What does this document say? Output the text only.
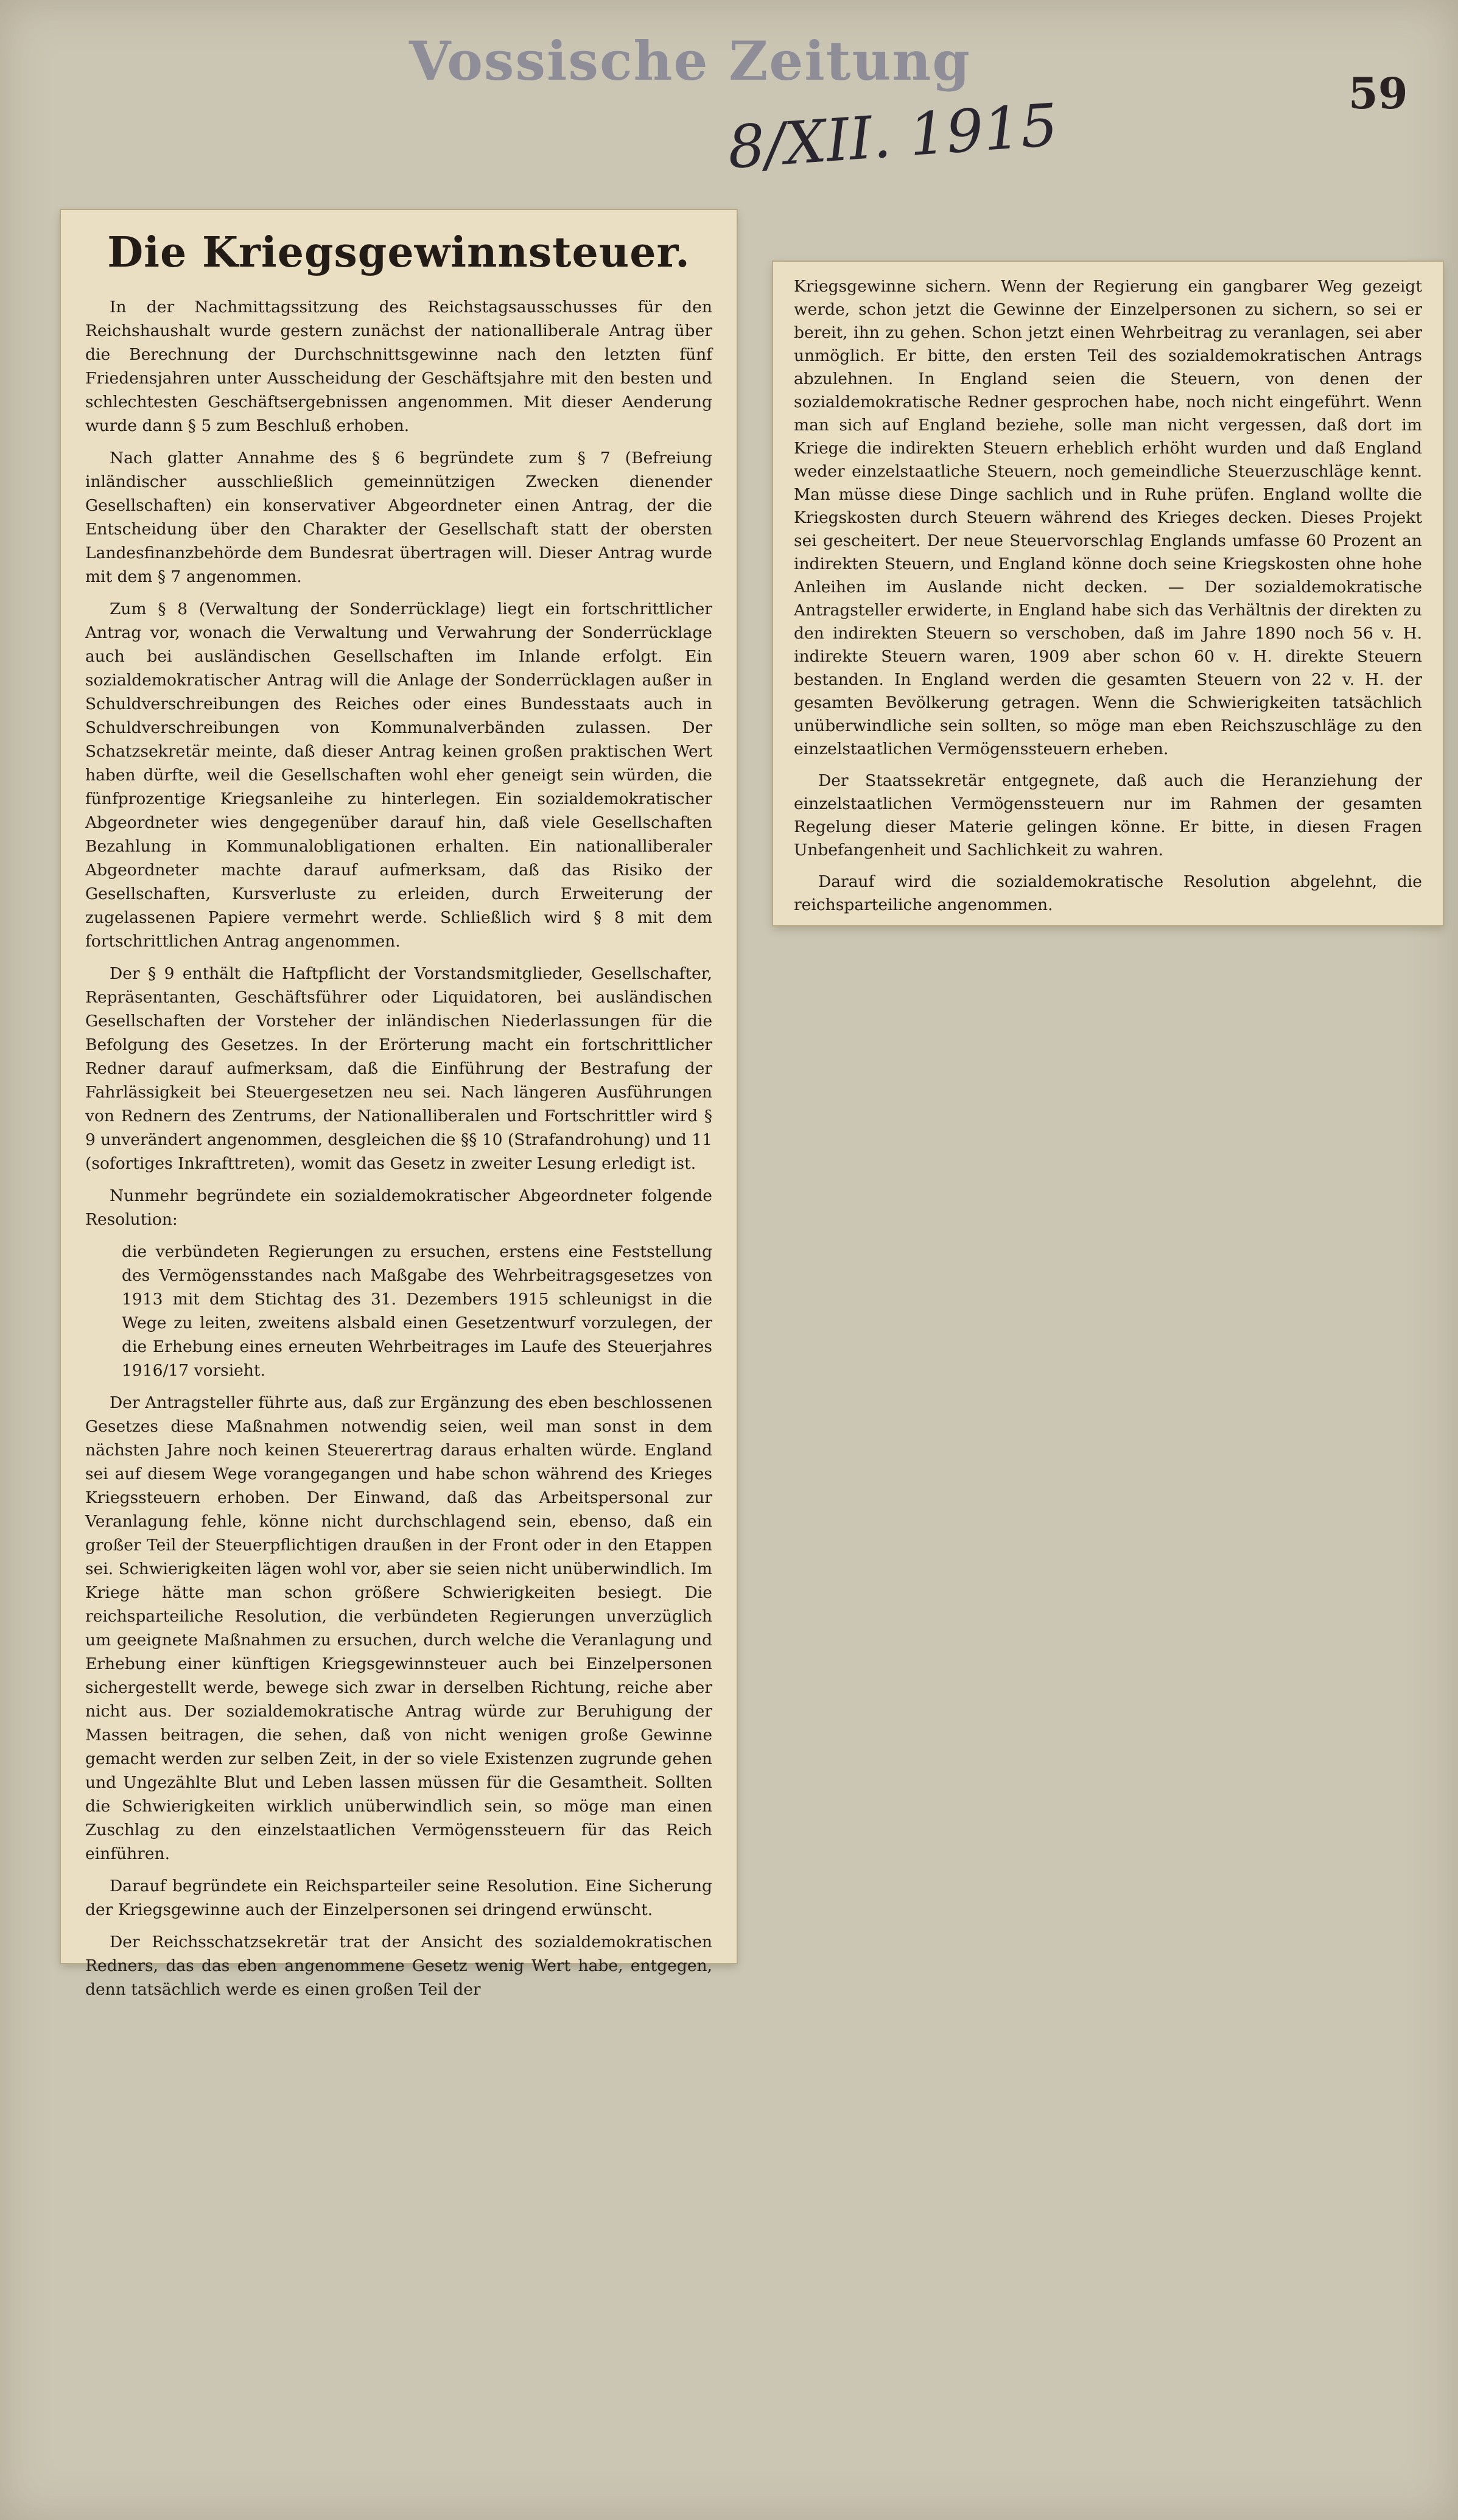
Vossische Zeitung
8/XII. 1915	59
Die Kriegsgewinnsteuer.

In der Nachmittagssitzung des Reichstagsausschusses für den Reichshaushalt wurde gestern zunächst der nationalliberale Antrag über die Berechnung der Durchschnittsgewinne nach den letzten fünf Friedensjahren unter Ausscheidung der Geschäftsjahre mit den besten und schlechtesten Geschäftsergebnissen angenommen. Mit dieser Aenderung wurde dann § 5 zum Beschluß erhoben.

Nach glatter Annahme des § 6 begründete zum § 7 (Befreiung inländischer ausschließlich gemeinnützigen Zwecken dienender Gesellschaften) ein konservativer Abgeordneter einen Antrag, der die Entscheidung über den Charakter der Gesellschaft statt der obersten Landesfinanzbehörde dem Bundesrat übertragen will. Dieser Antrag wurde mit dem § 7 angenommen.

Zum § 8 (Verwaltung der Sonderrücklage) liegt ein fortschrittlicher Antrag vor, wonach die Verwaltung und Verwahrung der Sonderrücklage auch bei ausländischen Gesellschaften im Inlande erfolgt. Ein sozialdemokratischer Antrag will die Anlage der Sonderrücklagen außer in Schuldverschreibungen des Reiches oder eines Bundesstaats auch in Schuldverschreibungen von Kommunalverbänden zulassen. Der Schatzsekretär meinte, daß dieser Antrag keinen großen praktischen Wert haben dürfte, weil die Gesellschaften wohl eher geneigt sein würden, die fünfprozentige Kriegsanleihe zu hinterlegen. Ein sozialdemokratischer Abgeordneter wies dengegenüber darauf hin, daß viele Gesellschaften Bezahlung in Kommunalobligationen erhalten. Ein nationalliberaler Abgeordneter machte darauf aufmerksam, daß das Risiko der Gesellschaften, Kursverluste zu erleiden, durch Erweiterung der zugelassenen Papiere vermehrt werde. Schließlich wird § 8 mit dem fortschrittlichen Antrag angenommen.

Der § 9 enthält die Haftpflicht der Vorstandsmitglieder, Gesellschafter, Repräsentanten, Geschäftsführer oder Liquidatoren, bei ausländischen Gesellschaften der Vorsteher der inländischen Niederlassungen für die Befolgung des Gesetzes. In der Erörterung macht ein fortschrittlicher Redner darauf aufmerksam, daß die Einführung der Bestrafung der Fahrlässigkeit bei Steuergesetzen neu sei. Nach längeren Ausführungen von Rednern des Zentrums, der Nationalliberalen und Fortschrittler wird § 9 unverändert angenommen, desgleichen die §§ 10 (Strafandrohung) und 11 (sofortiges Inkrafttreten), womit das Gesetz in zweiter Lesung erledigt ist.

Nunmehr begründete ein sozialdemokratischer Abgeordneter folgende Resolution:

die verbündeten Regierungen zu ersuchen, erstens eine Feststellung des Vermögensstandes nach Maßgabe des Wehrbeitragsgesetzes von 1913 mit dem Stichtag des 31. Dezembers 1915 schleunigst in die Wege zu leiten, zweitens alsbald einen Gesetzentwurf vorzulegen, der die Erhebung eines erneuten Wehrbeitrages im Laufe des Steuerjahres 1916/17 vorsieht.

Der Antragsteller führte aus, daß zur Ergänzung des eben beschlossenen Gesetzes diese Maßnahmen notwendig seien, weil man sonst in dem nächsten Jahre noch keinen Steuerertrag daraus erhalten würde. England sei auf diesem Wege vorangegangen und habe schon während des Krieges Kriegssteuern erhoben. Der Einwand, daß das Arbeitspersonal zur Veranlagung fehle, könne nicht durchschlagend sein, ebenso, daß ein großer Teil der Steuerpflichtigen draußen in der Front oder in den Etappen sei. Schwierigkeiten lägen wohl vor, aber sie seien nicht unüberwindlich. Im Kriege hätte man schon größere Schwierigkeiten besiegt. Die reichsparteiliche Resolution, die verbündeten Regierungen unverzüglich um geeignete Maßnahmen zu ersuchen, durch welche die Veranlagung und Erhebung einer künftigen Kriegsgewinnsteuer auch bei Einzelpersonen sichergestellt werde, bewege sich zwar in derselben Richtung, reiche aber nicht aus. Der sozialdemokratische Antrag würde zur Beruhigung der Massen beitragen, die sehen, daß von nicht wenigen große Gewinne gemacht werden zur selben Zeit, in der so viele Existenzen zugrunde gehen und Ungezählte Blut und Leben lassen müssen für die Gesamtheit. Sollten die Schwierigkeiten wirklich unüberwindlich sein, so möge man einen Zuschlag zu den einzelstaatlichen Vermögenssteuern für das Reich einführen.

Darauf begründete ein Reichsparteiler seine Resolution. Eine Sicherung der Kriegsgewinne auch der Einzelpersonen sei dringend erwünscht.

Der Reichsschatzsekretär trat der Ansicht des sozialdemokratischen Redners, das das eben angenommene Gesetz wenig Wert habe, entgegen, denn tatsächlich werde es einen großen Teil der

Kriegsgewinne sichern. Wenn der Regierung ein gangbarer Weg gezeigt werde, schon jetzt die Gewinne der Einzelpersonen zu sichern, so sei er bereit, ihn zu gehen. Schon jetzt einen Wehrbeitrag zu veranlagen, sei aber unmöglich. Er bitte, den ersten Teil des sozialdemokratischen Antrags abzulehnen. In England seien die Steuern, von denen der sozialdemokratische Redner gesprochen habe, noch nicht eingeführt. Wenn man sich auf England beziehe, solle man nicht vergessen, daß dort im Kriege die indirekten Steuern erheblich erhöht wurden und daß England weder einzelstaatliche Steuern, noch gemeindliche Steuerzuschläge kennt. Man müsse diese Dinge sachlich und in Ruhe prüfen. England wollte die Kriegskosten durch Steuern während des Krieges decken. Dieses Projekt sei gescheitert. Der neue Steuervorschlag Englands umfasse 60 Prozent an indirekten Steuern, und England könne doch seine Kriegskosten ohne hohe Anleihen im Auslande nicht decken. — Der sozialdemokratische Antragsteller erwiderte, in England habe sich das Verhältnis der direkten zu den indirekten Steuern so verschoben, daß im Jahre 1890 noch 56 v. H. indirekte Steuern waren, 1909 aber schon 60 v. H. direkte Steuern bestanden. In England werden die gesamten Steuern von 22 v. H. der gesamten Bevölkerung getragen. Wenn die Schwierigkeiten tatsächlich unüberwindliche sein sollten, so möge man eben Reichszuschläge zu den einzelstaatlichen Vermögenssteuern erheben.

Der Staatssekretär entgegnete, daß auch die Heranziehung der einzelstaatlichen Vermögenssteuern nur im Rahmen der gesamten Regelung dieser Materie gelingen könne. Er bitte, in diesen Fragen Unbefangenheit und Sachlichkeit zu wahren.

Darauf wird die sozialdemokratische Resolution abgelehnt, die reichsparteiliche angenommen.
